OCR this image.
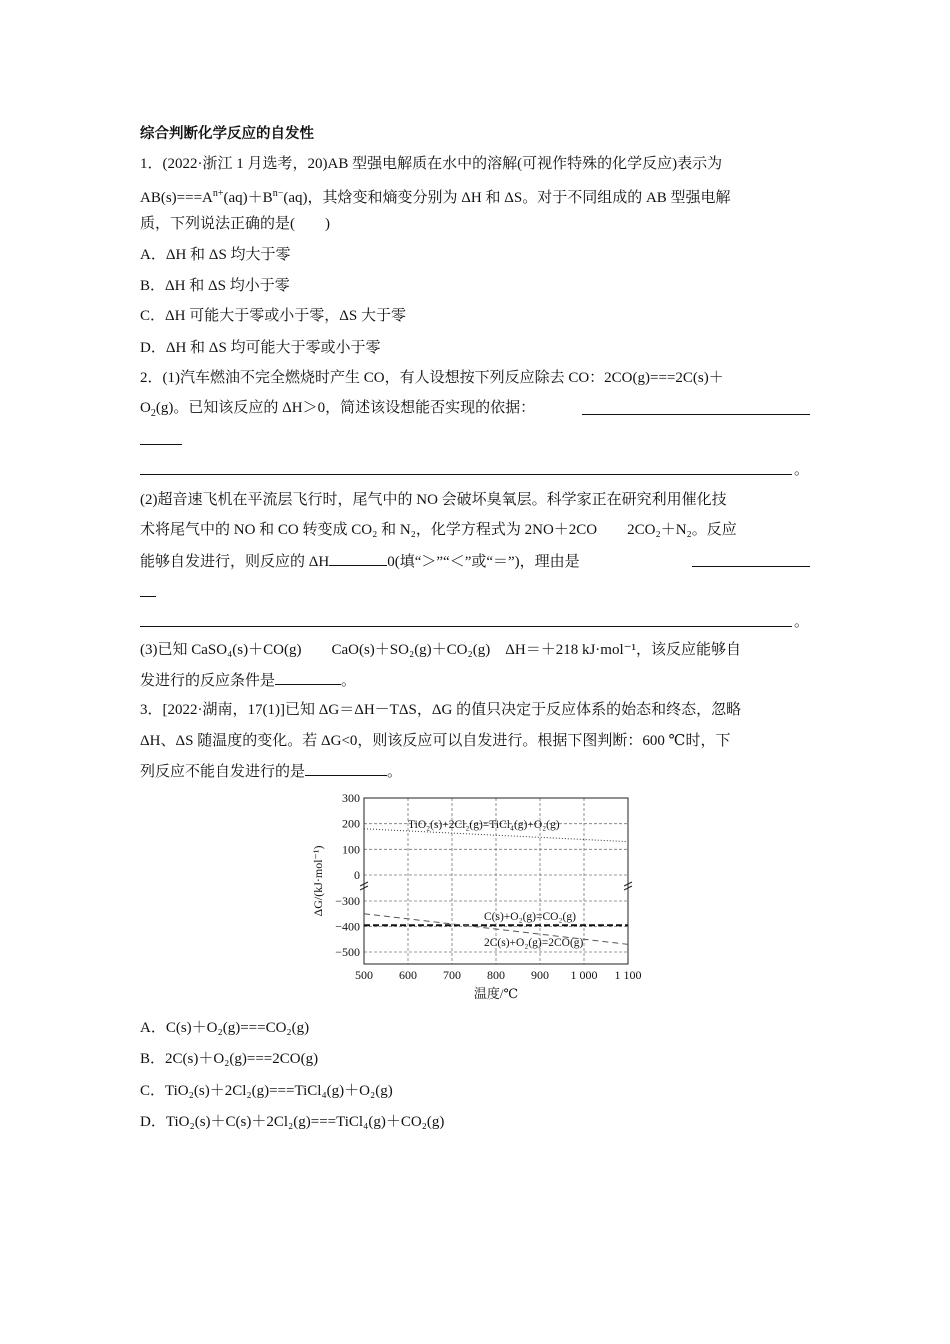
综合判断化学反应的自发性
1．(2022·浙江 1 月选考，20)AB 型强电解质在水中的溶解(可视作特殊的化学反应)表示为
$AB(s)===A^{n+}(aq)+B^{n-}(aq)$，其焓变和熵变分别为 ΔH 和 ΔS。对于不同组成的 AB 型强电解
质，下列说法正确的是(　　)
A．ΔH 和 ΔS 均大于零
B．ΔH 和 ΔS 均小于零
C．ΔH 可能大于零或小于零，ΔS 大于零
D．ΔH 和 ΔS 均可能大于零或小于零
2．(1)汽车燃油不完全燃烧时产生 CO，有人设想按下列反应除去 CO：2CO(g)===2C(s)＋
$O_2(g)$。已知该反应的 ΔH＞0，简述该设想能否实现的依据：
。
(2)超音速飞机在平流层飞行时，尾气中的 NO 会破坏臭氧层。科学家正在研究利用催化技
术将尾气中的 NO 和 CO 转变成 CO₂ 和 N₂，化学方程式为 2NO＋2CO　　2CO₂＋N₂。反应
能够自发进行，则反应的 ΔH	0(填“＞”“＜”或“＝”)，理由是
。
(3)已知 CaSO₄(s)＋CO(g)　　CaO(s)＋SO₂(g)＋CO₂(g)　ΔH＝＋218 kJ·mol⁻¹，该反应能够自
发进行的反应条件是	。
3．[2022·湖南，17(1)]已知 ΔG＝ΔH－TΔS，ΔG 的值只决定于反应体系的始态和终态，忽略
ΔH、ΔS 随温度的变化。若 ΔG<0，则该反应可以自发进行。根据下图判断：600 ℃时，下
列反应不能自发进行的是	。
500 600 700 800 900 1 000 1 100
300
200
100
0
−300
−400
−500
TiO₂(s)+2Cl₂(g)=TiCl₄(g)+O₂(g)
C(s)+O₂(g)=CO₂(g)
2C(s)+O₂(g)=2CO(g)
温度/℃
ΔG/(kJ·mol⁻¹)
A．C(s)＋O₂(g)===CO₂(g)
B．2C(s)＋O₂(g)===2CO(g)
C．TiO₂(s)＋2Cl₂(g)===TiCl₄(g)＋O₂(g)
D．TiO₂(s)＋C(s)＋2Cl₂(g)===TiCl₄(g)＋CO₂(g)
